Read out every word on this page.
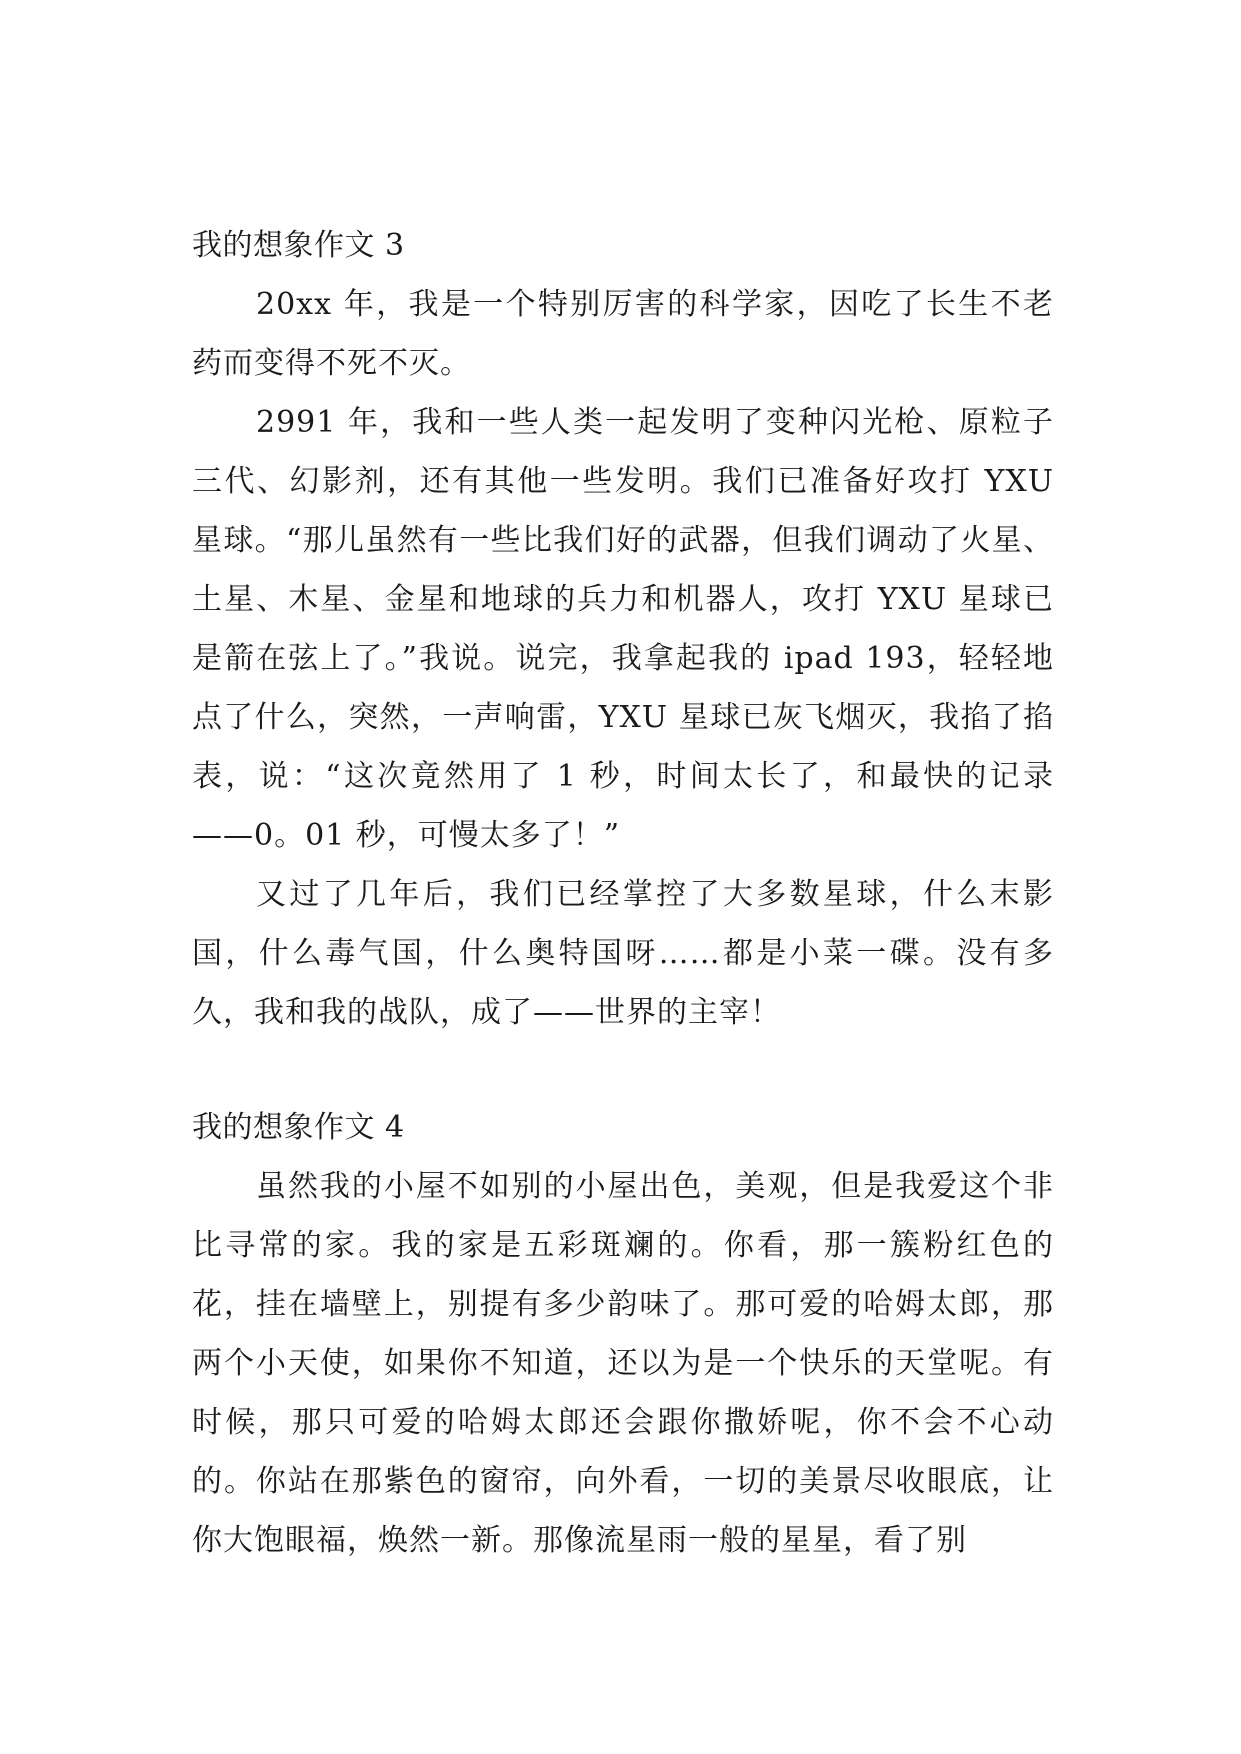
我的想象作文 3

20xx 年，我是一个特别厉害的科学家，因吃了长生不老药而变得不死不灭。

2991 年，我和一些人类一起发明了变种闪光枪、原粒子三代、幻影剂，还有其他一些发明。我们已准备好攻打 YXU 星球。“那儿虽然有一些比我们好的武器，但我们调动了火星、土星、木星、金星和地球的兵力和机器人，攻打 YXU 星球已是箭在弦上了。”我说。说完，我拿起我的 ipad 193，轻轻地点了什么，突然，一声响雷，YXU 星球已灰飞烟灭，我掐了掐表，说：“这次竟然用了 1 秒，时间太长了，和最快的记录——0。01 秒，可慢太多了！”

又过了几年后，我们已经掌控了大多数星球，什么末影国，什么毒气国，什么奥特国呀……都是小菜一碟。没有多久，我和我的战队，成了——世界的主宰！

我的想象作文 4

虽然我的小屋不如别的小屋出色，美观，但是我爱这个非比寻常的家。我的家是五彩斑斓的。你看，那一簇粉红色的花，挂在墙壁上，别提有多少韵味了。那可爱的哈姆太郎，那两个小天使，如果你不知道，还以为是一个快乐的天堂呢。有时候，那只可爱的哈姆太郎还会跟你撒娇呢，你不会不心动的。你站在那紫色的窗帘，向外看，一切的美景尽收眼底，让你大饱眼福，焕然一新。那像流星雨一般的星星，看了别
